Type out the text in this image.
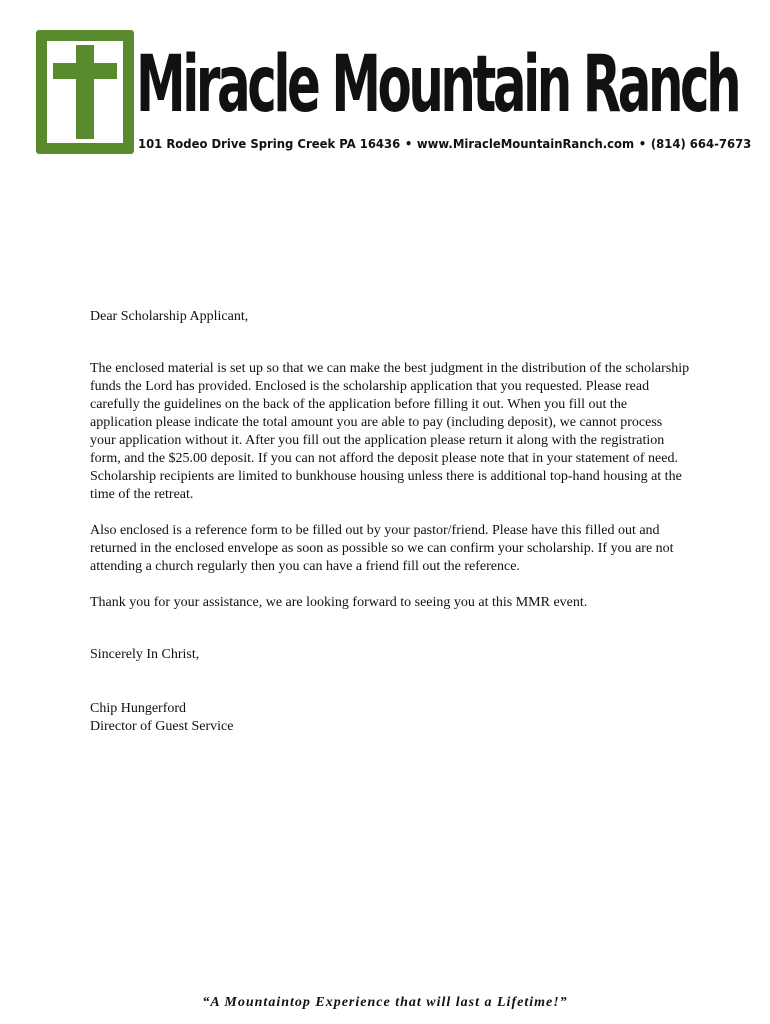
Miracle Mountain Ranch
101 Rodeo Drive Spring Creek PA 16436 • www.MiracleMountainRanch.com • (814) 664-7673

Dear Scholarship Applicant,

The enclosed material is set up so that we can make the best judgment in the distribution of the scholarship funds the Lord has provided. Enclosed is the scholarship application that you requested. Please read carefully the guidelines on the back of the application before filling it out. When you fill out the application please indicate the total amount you are able to pay (including deposit), we cannot process your application without it. After you fill out the application please return it along with the registration form, and the $25.00 deposit. If you can not afford the deposit please note that in your statement of need. Scholarship recipients are limited to bunkhouse housing unless there is additional top-hand housing at the time of the retreat.

Also enclosed is a reference form to be filled out by your pastor/friend. Please have this filled out and returned in the enclosed envelope as soon as possible so we can confirm your scholarship. If you are not attending a church regularly then you can have a friend fill out the reference.

Thank you for your assistance, we are looking forward to seeing you at this MMR event.

Sincerely In Christ,

Chip Hungerford

Director of Guest Service

“A Mountaintop Experience that will last a Lifetime!”
